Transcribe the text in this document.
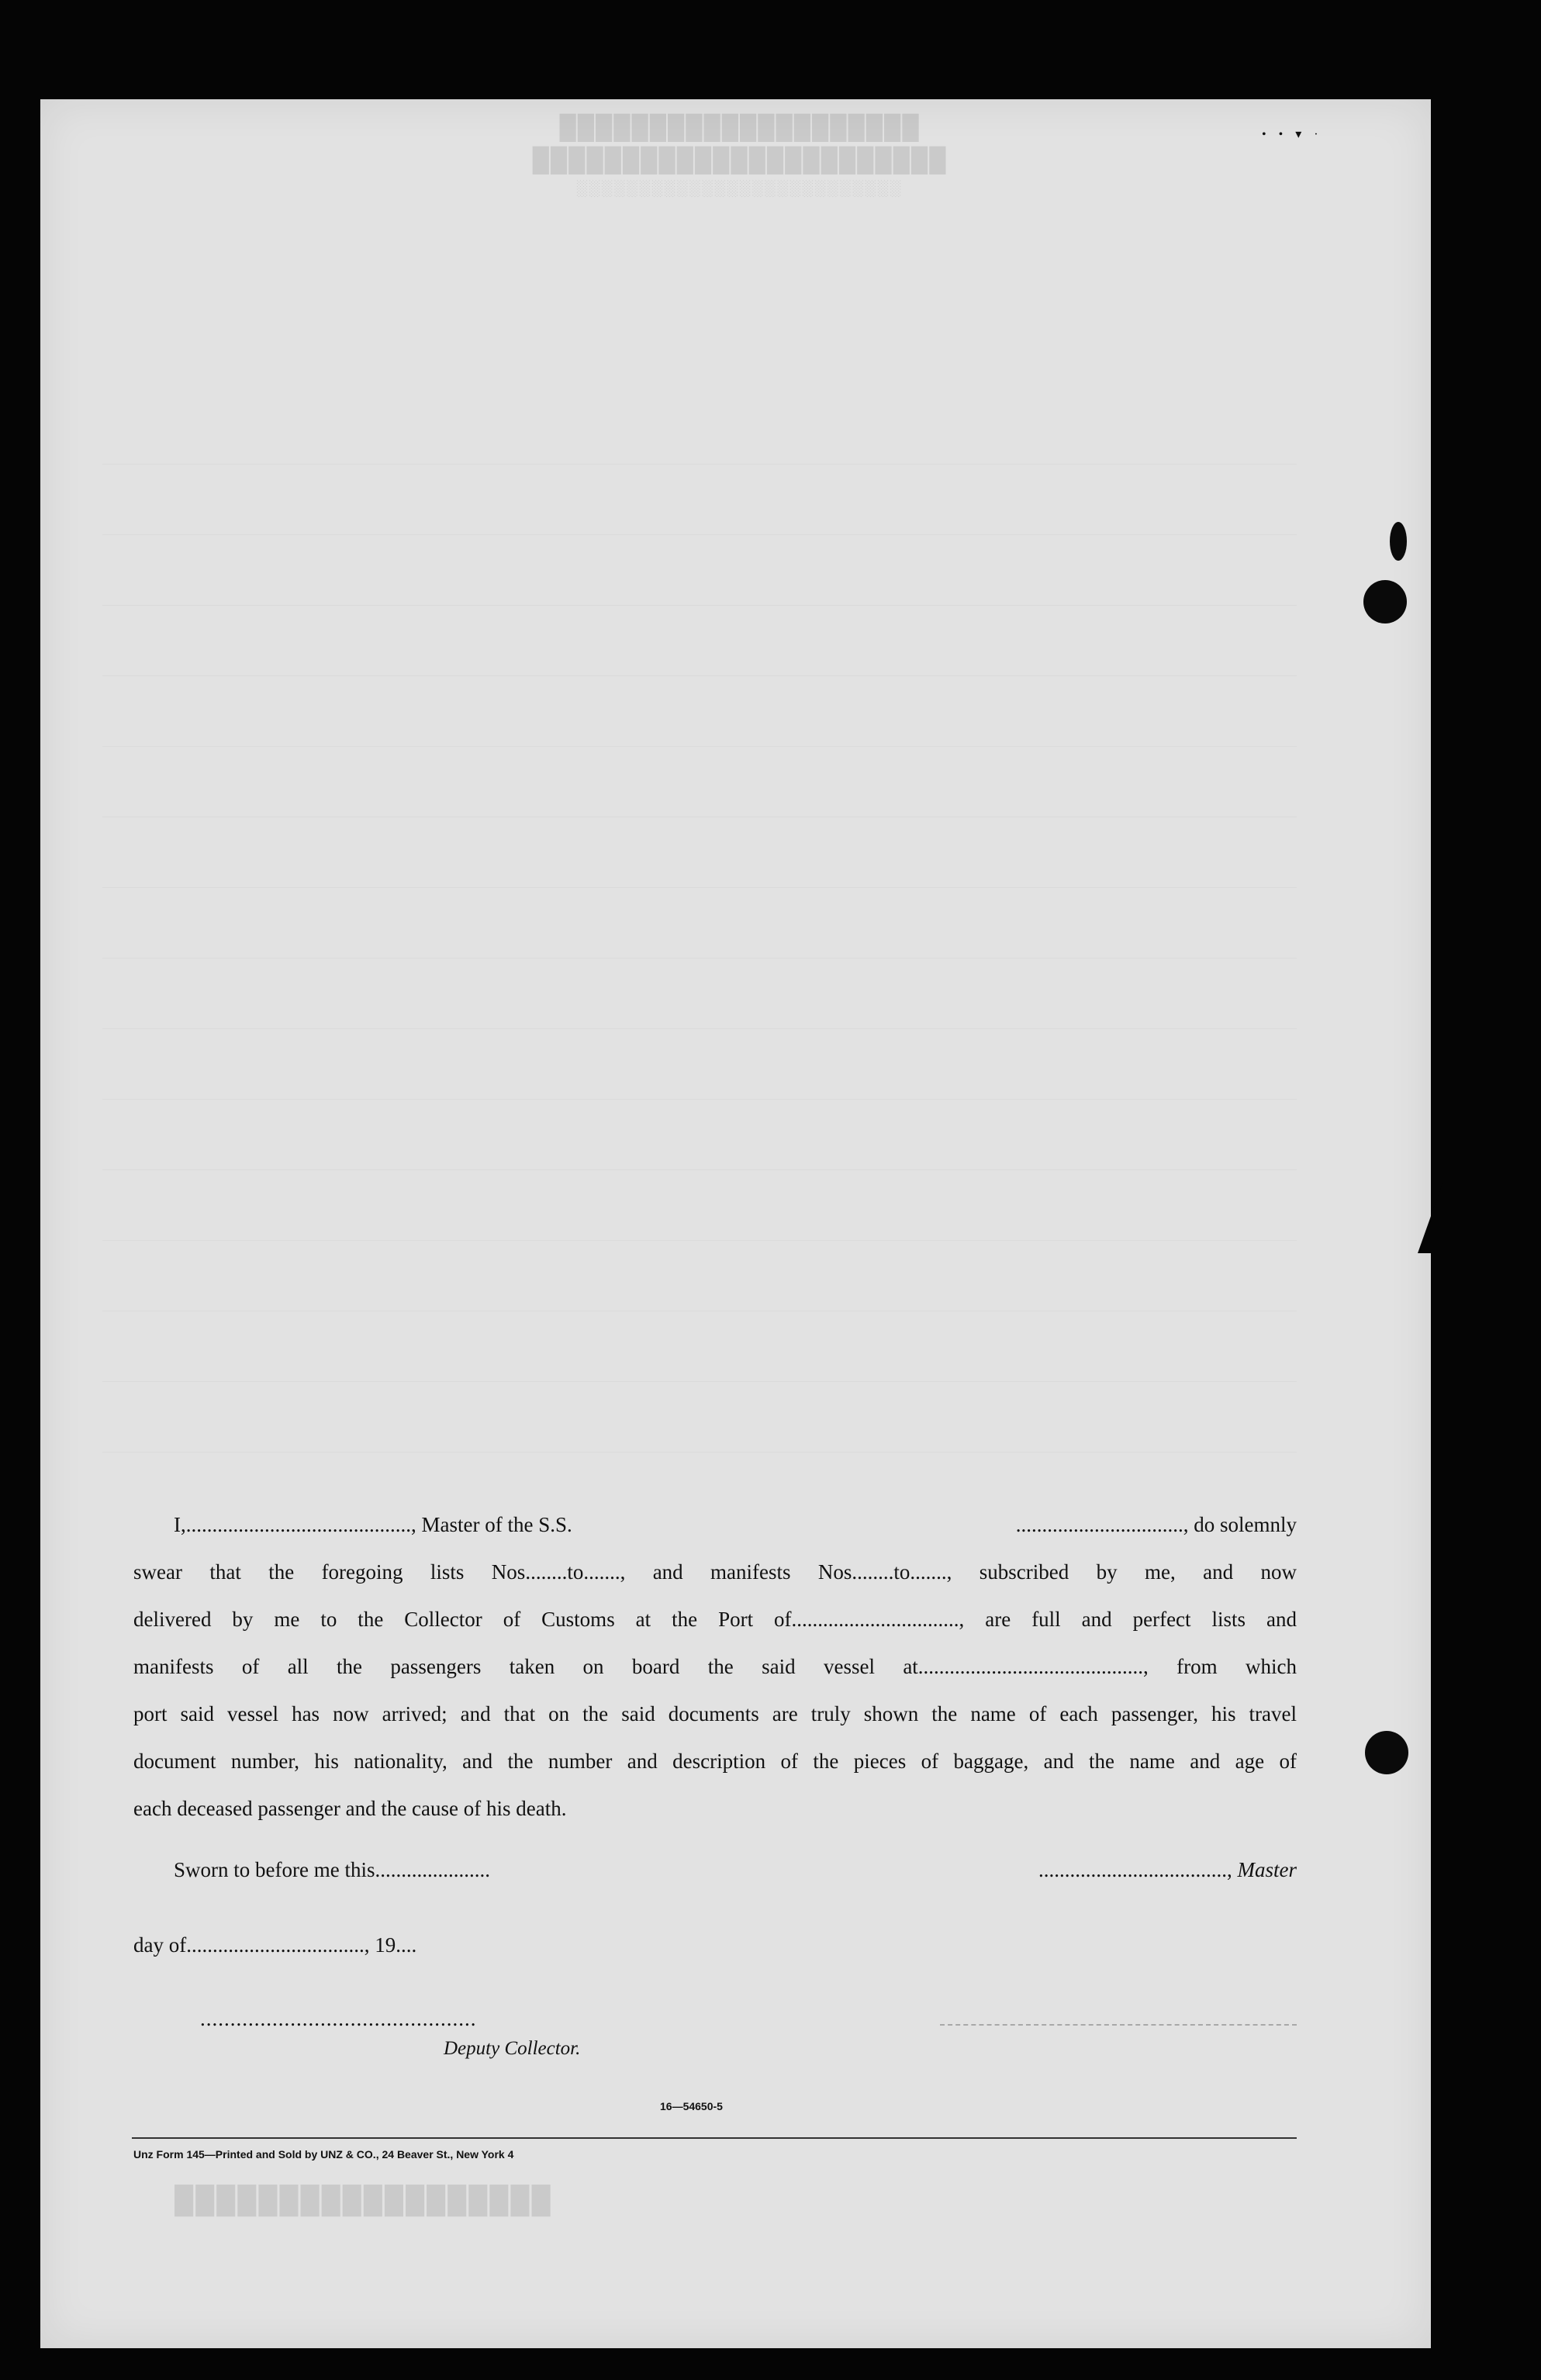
████████████████████
███████████████████████
░░░░░░░░░░░░░░░░░░░░░░░░░░
██████████████████
• • ▾ ·

I,..........................................., Master of the S.S.	................................, do solemnly

swear that the foregoing lists Nos........to......., and manifests Nos........to......., subscribed by me, and now

delivered by me to the Collector of Customs at the Port of................................, are full and perfect lists and

manifests of all the passengers taken on board the said vessel at..........................................., from which

port said vessel has now arrived; and that on the said documents are truly shown the name of each passenger, his travel

document number, his nationality, and the number and description of the pieces of baggage, and the name and age of

each deceased passenger and the cause of his death.

Sworn to before me this......................	...................................., Master
day of.................................., 19....
..............................................
Deputy Collector.
16—54650-5
Unz Form 145—Printed and Sold by UNZ & CO., 24 Beaver St., New York 4
